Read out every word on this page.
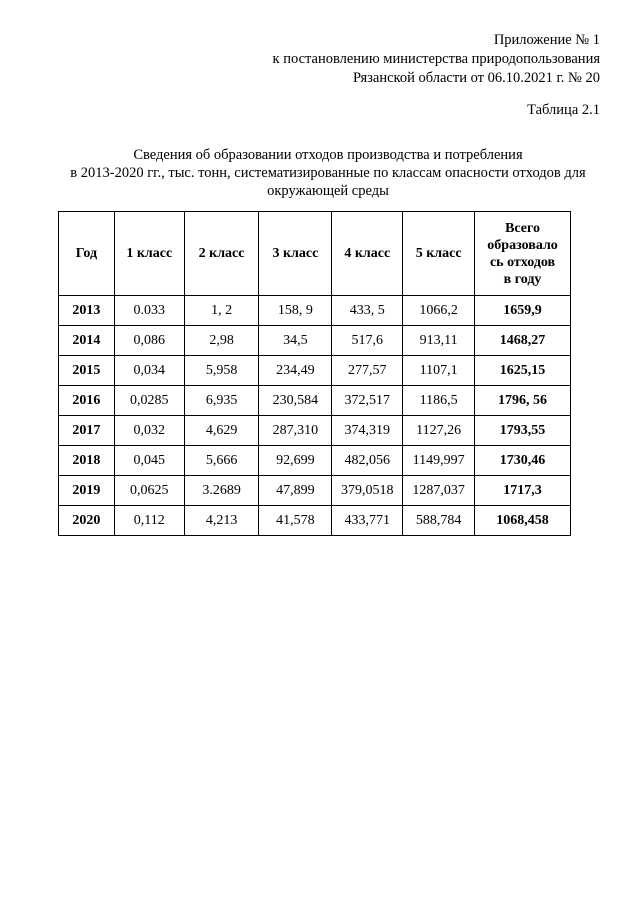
Приложение № 1
к постановлению министерства природопользования
Рязанской области от 06.10.2021 г. № 20
Таблица 2.1
Сведения об образовании отходов производства и потребления
в 2013-2020 гг., тыс. тонн, систематизированные по классам опасности отходов для
окружающей среды
Год	1 класс	2 класс	3 класс	4 класс	5 класс	Всего
образовало
сь отходов
в году

2013	0.033	1, 2	158, 9	433, 5	1066,2	1659,9
2014	0,086	2,98	34,5	517,6	913,11	1468,27
2015	0,034	5,958	234,49	277,57	1107,1	1625,15
2016	0,0285	6,935	230,584	372,517	1186,5	1796, 56
2017	0,032	4,629	287,310	374,319	1127,26	1793,55
2018	0,045	5,666	92,699	482,056	1149,997	1730,46
2019	0,0625	3.2689	47,899	379,0518	1287,037	1717,3
2020	0,112	4,213	41,578	433,771	588,784	1068,458
